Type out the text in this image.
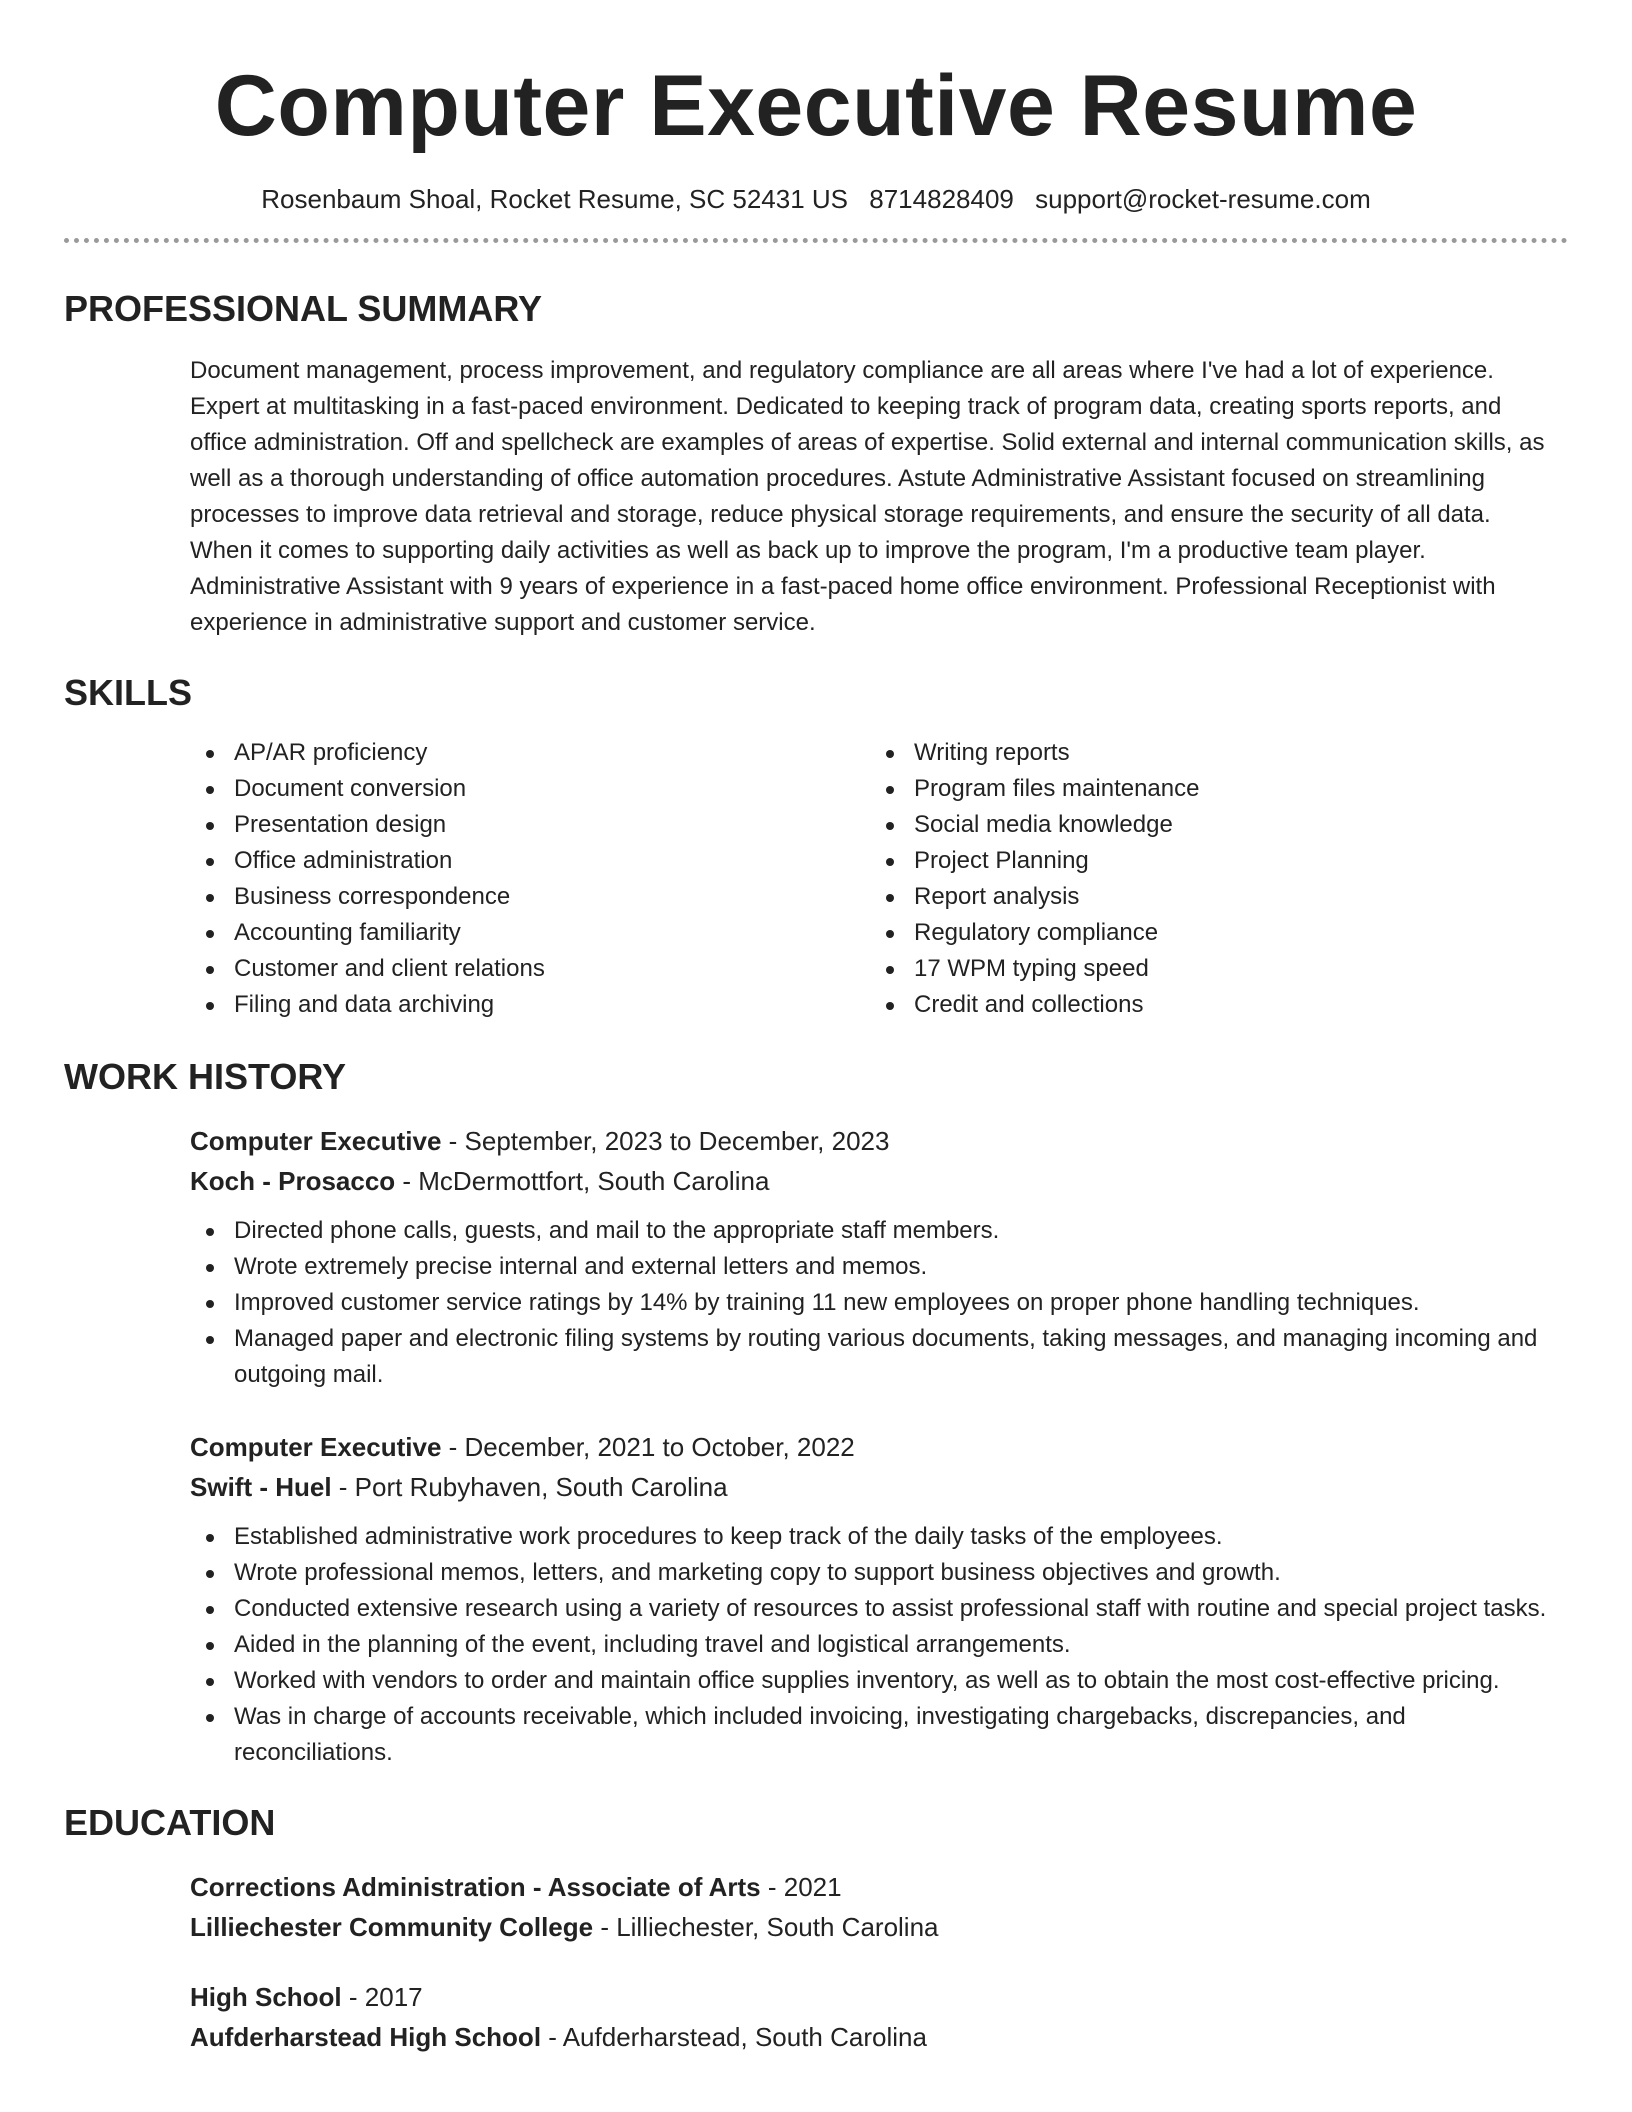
Computer Executive Resume
Rosenbaum Shoal, Rocket Resume, SC 52431 US 8714828409 support@rocket-resume.com
PROFESSIONAL SUMMARY
Document management, process improvement, and regulatory compliance are all areas where I've had a lot of experience. Expert at multitasking in a fast-paced environment. Dedicated to keeping track of program data, creating sports reports, and office administration. Off and spellcheck are examples of areas of expertise. Solid external and internal communication skills, as well as a thorough understanding of office automation procedures. Astute Administrative Assistant focused on streamlining processes to improve data retrieval and storage, reduce physical storage requirements, and ensure the security of all data. When it comes to supporting daily activities as well as back up to improve the program, I'm a productive team player. Administrative Assistant with 9 years of experience in a fast-paced home office environment. Professional Receptionist with experience in administrative support and customer service.
SKILLS
AP/AR proficiency
Document conversion
Presentation design
Office administration
Business correspondence
Accounting familiarity
Customer and client relations
Filing and data archiving
Writing reports
Program files maintenance
Social media knowledge
Project Planning
Report analysis
Regulatory compliance
17 WPM typing speed
Credit and collections
WORK HISTORY
Computer Executive - September, 2023 to December, 2023
Koch - Prosacco - McDermottfort, South Carolina
Directed phone calls, guests, and mail to the appropriate staff members.
Wrote extremely precise internal and external letters and memos.
Improved customer service ratings by 14% by training 11 new employees on proper phone handling techniques.
Managed paper and electronic filing systems by routing various documents, taking messages, and managing incoming and outgoing mail.
Computer Executive - December, 2021 to October, 2022
Swift - Huel - Port Rubyhaven, South Carolina
Established administrative work procedures to keep track of the daily tasks of the employees.
Wrote professional memos, letters, and marketing copy to support business objectives and growth.
Conducted extensive research using a variety of resources to assist professional staff with routine and special project tasks.
Aided in the planning of the event, including travel and logistical arrangements.
Worked with vendors to order and maintain office supplies inventory, as well as to obtain the most cost-effective pricing.
Was in charge of accounts receivable, which included invoicing, investigating chargebacks, discrepancies, and reconciliations.
EDUCATION
Corrections Administration - Associate of Arts - 2021
Lilliechester Community College - Lilliechester, South Carolina
High School - 2017
Aufderharstead High School - Aufderharstead, South Carolina
